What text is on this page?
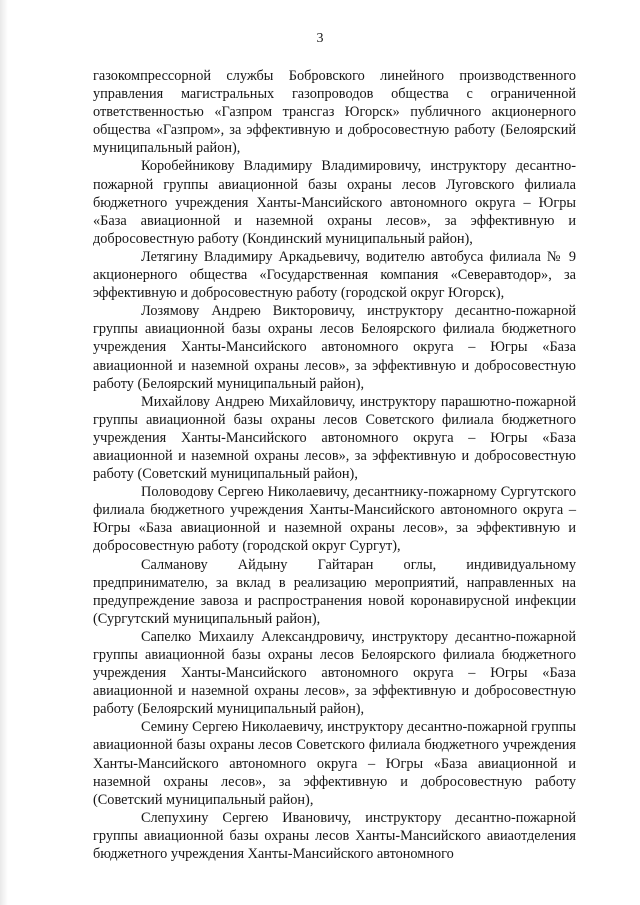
3

газокомпрессорной службы Бобровского линейного производственного управления магистральных газопроводов общества с ограниченной ответственностью «Газпром трансгаз Югорск» публичного акционерного общества «Газпром», за эффективную и добросовестную работу (Белоярский муниципальный район),

Коробейникову Владимиру Владимировичу, инструктору десантно-пожарной группы авиационной базы охраны лесов Луговского филиала бюджетного учреждения Ханты-Мансийского автономного округа – Югры «База авиационной и наземной охраны лесов», за эффективную и добросовестную работу (Кондинский муниципальный район),

Летягину Владимиру Аркадьевичу, водителю автобуса филиала № 9 акционерного общества «Государственная компания «Северавтодор», за эффективную и добросовестную работу (городской округ Югорск),

Лозямову Андрею Викторовичу, инструктору десантно-пожарной группы авиационной базы охраны лесов Белоярского филиала бюджетного учреждения Ханты-Мансийского автономного округа – Югры «База авиационной и наземной охраны лесов», за эффективную и добросовестную работу (Белоярский муниципальный район),

Михайлову Андрею Михайловичу, инструктору парашютно-пожарной группы авиационной базы охраны лесов Советского филиала бюджетного учреждения Ханты-Мансийского автономного округа – Югры «База авиационной и наземной охраны лесов», за эффективную и добросовестную работу (Советский муниципальный район),

Половодову Сергею Николаевичу, десантнику-пожарному Сургутского филиала бюджетного учреждения Ханты-Мансийского автономного округа – Югры «База авиационной и наземной охраны лесов», за эффективную и добросовестную работу (городской округ Сургут),

Салманову Айдыну Гайтаран оглы, индивидуальному предпринимателю, за вклад в реализацию мероприятий, направленных на предупреждение завоза и распространения новой коронавирусной инфекции (Сургутский муниципальный район),

Сапелко Михаилу Александровичу, инструктору десантно-пожарной группы авиационной базы охраны лесов Белоярского филиала бюджетного учреждения Ханты-Мансийского автономного округа – Югры «База авиационной и наземной охраны лесов», за эффективную и добросовестную работу (Белоярский муниципальный район),

Семину Сергею Николаевичу, инструктору десантно-пожарной группы авиационной базы охраны лесов Советского филиала бюджетного учреждения Ханты-Мансийского автономного округа – Югры «База авиационной и наземной охраны лесов», за эффективную и добросовестную работу (Советский муниципальный район),

Слепухину Сергею Ивановичу, инструктору десантно-пожарной группы авиационной базы охраны лесов Ханты-Мансийского авиаотделения бюджетного учреждения Ханты-Мансийского автономного
